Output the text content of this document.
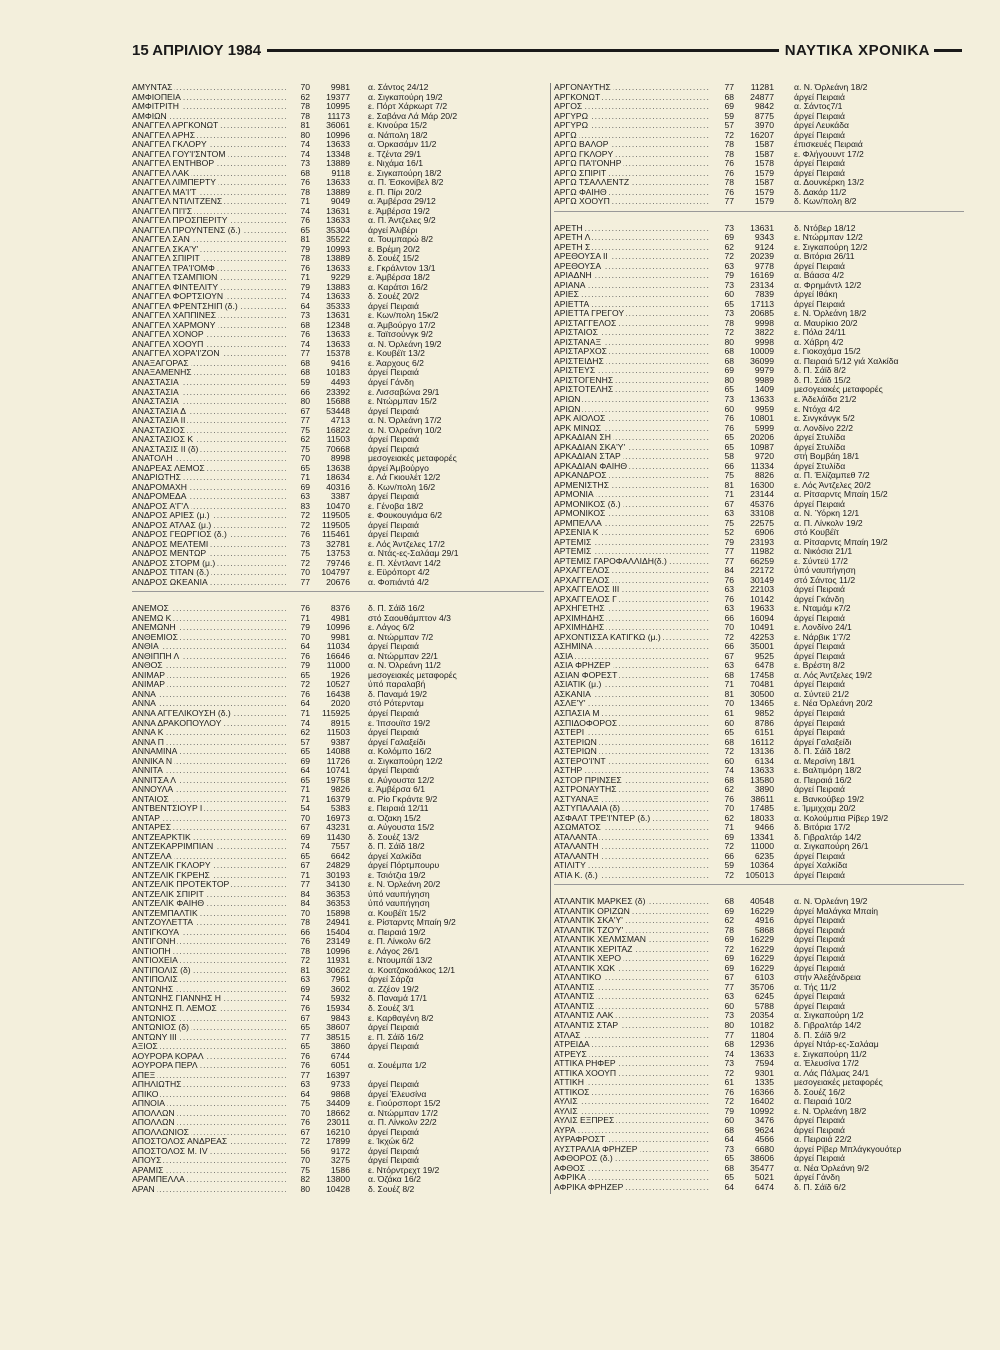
15 ΑΠΡΙΛΙΟΥ 1984	ΝΑΥΤΙΚΑ ΧΡΟΝΙΚΑ
ΑΜΥΝΤΑΣ .....	70	9981	α. Σάντος 24/12
ΑΜΦΙΟΠΕΙΑ .....	62	19377	α. Σιγκαπούρη 19/2
ΑΜΦΙΤΡΙΤΗ .....	78	10995	ε. Πόρτ Χάρκωρτ 7/2
ΑΜΦΙΩΝ .....	78	11173	ε. Σαβάνα Λά Μάρ 20/2
ΑΝΑΓΓΕΛ ΑΡΓΚΟΝΩΤ .....	81	36061	ε. Κινούρα 15/2
ΑΝΑΓΓΕΛ ΑΡΗΣ .....	80	10996	α. Νάπολη 18/2
ΑΝΑΓΓΕΛ ΓΚΛΟΡΥ .....	74	13633	α. Όρκασάμν 11/2
ΑΝΑΓΓΕΛ ΓΟΥ'Ι'ΣΝΤΟΜ .....	74	13348	ε. Τζέντα 29/1
ΑΝΑΓΓΕΛ ΕΝΤΗΒΟΡ .....	73	13889	ε. Νιχάμα 16/1
ΑΝΑΓΓΕΛ ΛΑΚ .....	68	9118	ε. Σιγκαπούρη 18/2
ΑΝΑΓΓΕΛ ΛΙΜΠΕΡΤΥ .....	76	13633	α. Π. Έσκονίβελ 8/2
ΑΝΑΓΓΕΛ ΜΑ'Ι'Τ .....	78	13889	ε. Π. Πίρι 20/2
ΑΝΑΓΓΕΛ ΝΤΙΛΙΤΖΕΝΣ .....	71	9049	α. Άμβέρσα 29/12
ΑΝΑΓΓΕΛ ΠΙ'Ι'Σ .....	74	13631	ε. Άμβέρσα 19/2
ΑΝΑΓΓΕΛ ΠΡΟΣΠΕΡΙΤΥ .....	76	13633	α. Π. Άντζελες 9/2
ΑΝΑΓΓΕΛ ΠΡΟΥΝΤΕΝΣ (δ.) .....	65	35304	άργεί Άλιβέρι
ΑΝΑΓΓΕΛ ΣΑΝ .....	81	35522	α. Τουμπαρώ 8/2
ΑΝΑΓΓΕΛ ΣΚΑ'Υ' .....	79	10993	ε. Βρέμη 20/2
ΑΝΑΓΓΕΛ ΣΠΙΡΙΤ .....	78	13889	δ. Σουέζ 15/2
ΑΝΑΓΓΕΛ ΤΡΑ'Ι'ΟΜΦ .....	76	13633	ε. Γκράλντον 13/1
ΑΝΑΓΓΕΛ ΤΣΑΜΠΙΟΝ .....	71	9229	ε. Άμβέρσα 18/2
ΑΝΑΓΓΕΛ ΦΙΝΤΕΛΙΤΥ .....	79	13883	α. Καράτσι 16/2
ΑΝΑΓΓΕΛ ΦΟΡΤΣΙΟΥΝ .....	74	13633	δ. Σουέζ 20/2
ΑΝΑΓΓΕΛ ΦΡΕΝΤΣΗΙΠ (δ.) .....	64	35333	άργεί Πειραιά
ΑΝΑΓΓΕΛ ΧΑΠΠΙΝΕΣ .....	73	13631	ε. Κων/πολη 15κ/2
ΑΝΑΓΓΕΛ ΧΑΡΜΟΝΥ .....	68	12348	α. Άμβούργο 17/2
ΑΝΑΓΓΕΛ ΧΟΝΟΡ .....	76	13633	ε. Ταϊτσούνγκ 9/2
ΑΝΑΓΓΕΛ ΧΟΟΥΠ .....	74	13633	α. Ν. Όρλεάνη 19/2
ΑΝΑΓΓΕΛ ΧΟΡΑ'Ι'ΖΟΝ .....	77	15378	ε. Κουβέϊτ 13/2
ΑΝΑΞΑΓΟΡΑΣ .....	68	9416	ε. Άαρχους 6/2
ΑΝΑΞΑΜΕΝΗΣ .....	68	10183	άργεί Πειραιά
ΑΝΑΣΤΑΣΙΑ .....	59	4493	άργεί Γάνδη
ΑΝΑΣΤΑΣΙΑ .....	66	23392	ε. Λισσαβώνα 29/1
ΑΝΑΣΤΑΣΙΑ .....	80	15688	ε. Ντώρμπαν 15/2
ΑΝΑΣΤΑΣΙΑ Δ .....	67	53448	άργεί Πειραιά
ΑΝΑΣΤΑΣΙΑ ΙΙ .....	77	4713	α. Ν. Όρλεάνη 17/2
ΑΝΑΣΤΑΣΙΟΣ .....	75	16822	α. Ν. Όλρεάνη 10/2
ΑΝΑΣΤΑΣΙΟΣ Κ .....	62	11503	άργεί Πειραιά
ΑΝΑΣΤΑΣΙΣ ΙΙ (δ) .....	75	70668	άργεί Πειραιά
ΑΝΑΤΟΛΗ .....	70	8998	μεσογειακές μεταφορές
ΑΝΔΡΕΑΣ ΛΕΜΟΣ .....	65	13638	άργεί Άμβούργο
ΑΝΔΡΙΩΤΗΣ .....	71	18634	ε. Λά Γκιουλέτ 12/2
ΑΝΔΡΟΜΑΧΗ .....	69	40316	δ. Κων/πολη 16/2
ΑΝΔΡΟΜΕΔΑ .....	63	3387	άργεί Πειραιά
ΑΝΔΡΟΣ Α'Γ'Λ .....	83	10470	ε. Γένοβα 18/2
ΑΝΔΡΟΣ ΑΡΙΕΣ (μ.) .....	72	119505	ε. Φουκουγιάμα 6/2
ΑΝΔΡΟΣ ΑΤΛΑΣ (μ.) .....	72	119505	άργεί Πειραιά
ΑΝΔΡΟΣ ΓΕΩΡΓΙΟΣ (δ.) .....	76	115461	άργεί Πειραιά
ΑΝΔΡΟΣ ΜΕΛΤΕΜΙ .....	73	32781	ε. Λός Άντζελες 17/2
ΑΝΔΡΟΣ ΜΕΝΤΩΡ .....	75	13753	α. Ντάς-ες-Σαλάαμ 29/1
ΑΝΔΡΟΣ ΣΤΟΡΜ (μ.) .....	72	79746	ε. Π. Χέντλαντ 14/2
ΑΝΔΡΟΣ ΤΙΤΑΝ (δ.) .....	70	104797	ε. Εϋρόπορτ 4/2
ΑΝΔΡΟΣ ΩΚΕΑΝΙΑ .....	77	20676	α. Φοπιάντά 4/2
ΑΝΕΜΟΣ .....	76	8376	δ. Π. Σάϊδ 16/2
ΑΝΕΜΩ Κ .....	71	4981	στό Σαουθάμπτον 4/3
ΑΝΕΜΩΝΗ .....	79	10996	ε. Λάγος 6/2
ΑΝΘΕΜΙΟΣ .....	70	9981	α. Ντώρμπαν 7/2
ΑΝΘΙΑ .....	64	11034	άργεί Πειραιά
ΑΝΘΙΠΠΗ Λ .....	76	16646	α. Ντώρμπαν 22/1
ΑΝΘΟΣ .....	79	11000	α. Ν. Όλρεάνη 11/2
ΑΝΙΜΑΡ .....	65	1926	μεσογειακές μεταφορές
ΑΝΙΜΑΡ .....	72	10527	ύπό παραλαβή
ΑΝΝΑ .....	76	16438	δ. Παναμά 19/2
ΑΝΝΑ .....	64	2020	στό Ρότερνταμ
ΑΝΝΑ ΑΓΓΕΛΙΚΟΥΣΗ (δ.) .....	71	115925	άργεί Πειραιά
ΑΝΝΑ ΔΡΑΚΟΠΟΥΛΟΥ .....	74	8915	ε. Ίπσουϊτσ 19/2
ΑΝΝΑ Κ .....	62	11503	άργεί Πειραιά
ΑΝΝΑ Π .....	57	9387	άργεί Γαλαξείδι
ΑΝΝΑΜΙΝΑ .....	65	14088	α. Κολόμπο 16/2
ΑΝΝΙΚΑ Ν .....	69	11726	α. Σιγκαπούρη 12/2
ΑΝΝΙΤΑ .....	64	10741	άργεί Πειραιά
ΑΝΝΙΤΣΑ Λ .....	65	19758	α. Αύγουστα 12/2
ΑΝΝΟΥΛΑ .....	71	9826	ε. Άμβέρσα 6/1
ΑΝΤΑΙΟΣ .....	71	16379	α. Ρίο Γκράντε 9/2
ΑΝΤΒΕΝΤΣΙΟΥΡ Ι .....	54	5383	ε. Πειραιά 12/11
ΑΝΤΑΡ .....	70	16973	α. Όζακη 15/2
ΑΝΤΑΡΕΣ .....	67	43231	α. Αύγουστα 15/2
ΑΝΤΖΕΑΡΚΤΙΚ .....	69	11430	δ. Σουέζ 13/2
ΑΝΤΖΕΚΑΡΡΙΜΠΙΑΝ .....	74	7557	δ. Π. Σάϊδ 18/2
ΑΝΤΖΕΛΑ .....	65	6642	άργεί Χαλκίδα
ΑΝΤΖΕΛΙΚ ΓΚΛΟΡΥ .....	67	24829	άργεί Πόρτμπουρυ
ΑΝΤΖΕΛΙΚ ΓΚΡΕΗΣ .....	71	30193	ε. Τσιότζια 19/2
ΑΝΤΖΕΛΙΚ ΠΡΟΤΕΚΤΟΡ .....	77	34130	ε. Ν. Όρλεάνη 20/2
ΑΝΤΖΕΛΙΚ ΣΠΙΡΙΤ .....	84	36353	ύπό ναυπήγηση
ΑΝΤΖΕΛΙΚ ΦΑΙΗΘ .....	84	36353	ύπό ναυπήγηση
ΑΝΤΖΕΜΠΑΛΤΙΚ .....	70	15898	α. Κουβέϊτ 15/2
ΑΝΤΖΟΥΛΕΤΤΑ .....	78	24941	ε. Ρίσταρντς Μπαίη 9/2
ΑΝΤΙΓΚΟΥΑ .....	66	15404	α. Πειραιά 19/2
ΑΝΤΙΓΟΝΗ .....	76	23149	ε. Π. Λίνκολν 6/2
ΑΝΤΙΟΠΗ .....	78	10996	ε. Λάγος 26/1
ΑΝΤΙΟΧΕΙΑ .....	72	11931	ε. Ντουμπάϊ 13/2
ΑΝΤΙΠΟΛΙΣ (δ) .....	81	30622	α. Κοατζακοάλκος 12/1
ΑΝΤΙΠΟΛΙΣ .....	63	7961	άργεί Σάρζα
ΑΝΤΩΝΗΣ .....	69	3602	α. Ζζέον 19/2
ΑΝΤΩΝΗΣ ΓΙΑΝΝΗΣ Η .....	74	5932	δ. Παναμά 17/1
ΑΝΤΩΝΗΣ Π. ΛΕΜΟΣ .....	76	15934	δ. Σουέζ 3/1
ΑΝΤΩΝΙΟΣ .....	67	9843	ε. Καρθαγένη 8/2
ΑΝΤΩΝΙΟΣ (δ) .....	65	38607	άργεί Πειραιά
ΑΝΤΩΝΥ ΙΙΙ .....	77	38515	ε. Π. Σάϊδ 16/2
ΑΞΙΟΣ .....	65	3860	άργεί Πειραιά
ΑΟΥΡΟΡΑ ΚΟΡΑΛ .....	76	6744
ΑΟΥΡΟΡΑ ΠΕΡΛ .....	76	6051	α. Σουέμπα 1/2
ΑΠΕΞ .....	77	16397
ΑΠΗΛΙΩΤΗΣ .....	63	9733	άργεί Πειραιά
ΑΠΙΚΟ .....	64	9868	άργεί Έλευσίνα
ΑΠΝΟΙΑ .....	75	34409	ε. Γιούρσπορτ 15/2
ΑΠΟΛΛΩΝ .....	70	18662	α. Ντώρμπαν 17/2
ΑΠΟΛΛΩΝ .....	76	23011	α. Π. Λίνκολν 22/2
ΑΠΟΛΛΩΝΙΟΣ .....	67	16210	άργεί Πειραιά
ΑΠΟΣΤΟΛΟΣ ΑΝΔΡΕΑΣ .....	72	17899	ε. Ίκχώκ 6/2
ΑΠΟΣΤΟΛΟΣ Μ. ΙV .....	56	9172	άργεί Πειραιά
ΑΠΟΥΣ .....	70	3275	άργεί Πειραιά
ΑΡΑΜΙΣ .....	75	1586	ε. Ντόρντρεχτ 19/2
ΑΡΑΜΠΕΛΛΑ .....	82	13800	α. Όζάκα 16/2
ΑΡΑΝ .....	80	10428	δ. Σουέζ 8/2
ΑΡΓΟΝΑΥΤΗΣ .....	77	11281	α. Ν. Όρλεάνη 18/2
ΑΡΓΚΟΝΩΤ .....	68	24877	άργεί Πειραιά
ΑΡΓΟΣ .....	69	9842	α. Σάντος7/1
ΑΡΓΥΡΩ .....	59	8775	άργεί Πειραιά
ΑΡΓΥΡΩ .....	57	3970	άργεί Λευκάδα
ΑΡΓΩ .....	72	16207	άργεί Πειραιά
ΑΡΓΩ ΒΑΛΟΡ .....	78	1587	έπισκευές Πειραιά
ΑΡΓΩ ΓΚΛΟΡΥ .....	78	1587	ε. Φλήγουυντ 17/2
ΑΡΓΩ ΠΑ'Ι'ΟΝΗΡ .....	76	1578	άργεί Πειραιά
ΑΡΓΩ ΣΠΙΡΙΤ .....	76	1579	άργεί Πειραιά
ΑΡΓΩ ΤΣΑΛΛΕΝΤΖ .....	78	1587	α. Δουνκέρκη 13/2
ΑΡΓΩ ΦΑΙΗΘ .....	76	1579	δ. Δακάρ 11/2
ΑΡΓΩ ΧΟΟΥΠ .....	77	1579	δ. Κων/πολη 8/2
ΑΡΕΤΗ .....	73	13631	δ. Ντόβερ 18/12
ΑΡΕΤΗ Λ .....	69	9343	ε. Ντώρμπαν 12/2
ΑΡΕΤΗ Σ .....	62	9124	ε. Σιγκαπούρη 12/2
ΑΡΕΘΟΥΣΑ ΙΙ .....	72	20239	α. Βιτόρια 26/11
ΑΡΕΘΟΥΣΑ .....	63	9778	άργεί Πειραιά
ΑΡΙΑΔΝΗ .....	79	16169	α. Βάασα 4/2
ΑΡΙΑΝΑ .....	73	23134	α. Φρημάντλ 12/2
ΑΡΙΕΣ .....	60	7839	άργεί Ιθάκη
ΑΡΙΕΤΤΑ .....	65	17113	άργεί Πειραιά
ΑΡΙΕΤΤΑ ΓΡΕΓΟΥ .....	73	20685	ε. Ν. Όρλεάνη 18/2
ΑΡΙΣΤΑΓΓΕΛΟΣ .....	78	9998	α. Μαυρίκιο 20/2
ΑΡΙΣΤΑΙΟΣ .....	72	3822	ε. Πόλα 24/11
ΑΡΙΣΤΑΝΑΞ .....	80	9998	α. Χάβρη 4/2
ΑΡΙΣΤΑΡΧΟΣ .....	68	10009	ε. Γιοκοχάμα 15/2
ΑΡΙΣΤΕΙΔΗΣ .....	68	36099	α. Πειραιά 5/12 γιά Χαλκίδα
ΑΡΙΣΤΕΥΣ .....	69	9979	δ. Π. Σάϊδ 8/2
ΑΡΙΣΤΟΓΕΝΗΣ .....	80	9989	δ. Π. Σάϊδ 15/2
ΑΡΙΣΤΟΤΕΛΗΣ .....	65	1409	μεσογειακές μεταφορές
ΑΡΙΩΝ .....	73	13633	ε. Άδελάϊδα 21/2
ΑΡΙΩΝ .....	60	9959	ε. Ντόχα 4/2
ΑΡΚ ΑΙΟΛΟΣ .....	76	10801	ε. Σινγκάνγκ 5/2
ΑΡΚ ΜΙΝΩΣ .....	76	5999	α. Λονδίνο 22/2
ΑΡΚΑΔΙΑΝ ΣΗ .....	65	20206	άργεί Στυλίδα
ΑΡΚΑΔΙΑΝ ΣΚΑ'Υ' .....	65	10987	άργεί Στυλίδα
ΑΡΚΑΔΙΑΝ ΣΤΑΡ .....	58	9720	στή Βομβάη 18/1
ΑΡΚΑΔΙΑΝ ΦΑΙΗΘ .....	66	11334	άργεί Στυλίδα
ΑΡΚΑΝΔΡΟΣ .....	75	8826	α. Π. Έλίζαμπεθ 7/2
ΑΡΜΕΝΙΣΤΗΣ .....	81	16300	ε. Λός Άντζελες 20/2
ΑΡΜΟΝΙΑ .....	71	23144	α. Ρίτσαρντς Μπαίη 15/2
ΑΡΜΟΝΙΚΟΣ (δ.) .....	67	45376	άργεί Πειραιά
ΑΡΜΟΝΙΚΟΣ .....	63	33108	α. Ν. Ύόρκη 12/1
ΑΡΜΠΕΛΛΑ .....	75	22575	α. Π. Λίνκολν 19/2
ΑΡΣΕΝΙΑ Κ .....	52	6906	στό Κουβέϊτ
ΑΡΤΕΜΙΣ .....	79	23193	α. Ρίτσαρντς Μπαίη 19/2
ΑΡΤΕΜΙΣ .....	77	11982	α. Νικόσια 21/1
ΑΡΤΕΜΙΣ ΓΑΡΟΦΑΛΛΙΔΗ(δ.) .....	77	66259	ε. Σύντεϋ 17/2
ΑΡΧΑΓΓΕΛΟΣ .....	84	22172	ύπό ναυπήγηση
ΑΡΧΑΓΓΕΛΟΣ .....	76	30149	στό Σάντος 11/2
ΑΡΧΑΓΓΕΛΟΣ ΙΙΙ .....	63	22103	άργεί Πειραιά
ΑΡΧΑΓΓΕΛΟΣ Γ .....	76	10142	άργεί Γκάνδη
ΑΡΧΗΓΕΤΗΣ .....	63	19633	ε. Νταμάμ κ7/2
ΑΡΧΙΜΗΔΗΣ .....	66	16094	άργεί Πειραιά
ΑΡΧΙΜΗΔΗΣ .....	70	10491	ε. Λονδίνο 24/1
ΑΡΧΟΝΤΙΣΣΑ ΚΑΤΙΓΚΩ (μ.) .....	72	42253	ε. Νάρβικ 1'7/2
ΑΣΗΜΙΝΑ .....	66	35001	άργεί Πειραιά
ΑΣΙΑ .....	67	9525	άργεί Πειραιά
ΑΣΙΑ ΦΡΗΖΕΡ .....	63	6478	ε. Βρέστη 8/2
ΑΣΙΑΝ ΦΟΡΕΣΤ .....	68	17458	α. Λός Άντζελες 19/2
ΑΣΙΑΤΙΚ (μ.) .....	71	70481	άργεί Πειραιά
ΑΣΚΑΝΙΑ .....	81	30500	α. Σύντεϋ 21/2
ΑΣΛΕ'Υ' .....	70	13465	ε. Νέα Όρλεάνη 20/2
ΑΣΠΑΣΙΑ Μ .....	61	9852	άργεί Πειραιά
ΑΣΠΙΔΟΦΟΡΟΣ .....	60	8786	άργεί Πειραιά
ΑΣΤΕΡΙ .....	65	6151	άργεί Πειραιά
ΑΣΤΕΡΙΩΝ .....	68	16112	άργεί Γαλαξείδι
ΑΣΤΕΡΙΩΝ .....	72	13136	δ. Π. Σάϊδ 18/2
ΑΣΤΕΡΟ'Ι'ΝΤ .....	60	6134	α. Μερσίνη 18/1
ΑΣΤΗΡ .....	74	13633	ε. Βαλτιμόρη 18/2
ΑΣΤΟΡ ΠΡΙΝΣΕΣ .....	68	13580	α. Πειραιά 16/2
ΑΣΤΡΟΝΑΥΤΗΣ .....	62	3890	άργεί Πειραιά
ΑΣΤΥΑΝΑΞ .....	76	38611	ε. Βανκούβερ 19/2
ΑΣΤΥΠΑΛΑΙΑ (δ) .....	70	17485	ε. Ίμμιχχαμ 20/2
ΑΣΦΑΛΤ ΤΡΕ'Ι'ΝΤΕΡ (δ.) .....	62	18033	α. Κολούμπια Ρίβερ 19/2
ΑΣΩΜΑΤΟΣ .....	71	9466	δ. Βιτόρια 17/2
ΑΤΑΛΑΝΤΑ .....	69	13341	δ. Γιβραλτάρ 14/2
ΑΤΑΛΑΝΤΗ .....	72	11000	α. Σιγκαπούρη 26/1
ΑΤΑΛΑΝΤΗ .....	66	6235	άργεί Πειραιά
ΑΤΙΛΙΤΥ .....	59	10364	άργεί Χαλκίδα
ΑΤΙΑ Κ. (δ.) .....	72	105013	άργεί Πειραιά
ΑΤΛΑΝΤΙΚ ΜΑΡΚΕΣ (δ) .....	68	40548	α. Ν. Όρλεάνη 19/2
ΑΤΛΑΝΤΙΚ ΟΡΙΖΩΝ .....	69	16229	άργεί Μαλάγκα Μπαίη
ΑΤΛΑΝΤΙΚ ΣΚΑ'Υ' .....	62	4916	άργεί Πειραιά
ΑΤΛΑΝΤΙΚ ΤΖΟ'Υ' .....	78	5868	άργεί Πειραιά
ΑΤΛΑΝΤΙΚ ΧΕΛΜΣΜΑΝ .....	69	16229	άργεί Πειραιά
ΑΤΛΑΝΤΙΚ ΧΕΡΙΤΑΖ .....	72	16229	άργεί Πειραιά
ΑΤΛΑΝΤΙΚ ΧΕΡΟ .....	69	16229	άργεί Πειραιά
ΑΤΛΑΝΤΙΚ ΧΩΚ .....	69	16229	άργεί Πειραιά
ΑΤΛΑΝΤΙΚΟ .....	67	6103	στήν Άλεξάνδρεια
ΑΤΛΑΝΤΙΣ .....	77	35706	α. Τής 11/2
ΑΤΛΑΝΤΙΣ .....	63	6245	άργεί Πειραιά
ΑΤΛΑΝΤΙΣ .....	60	5788	άργεί Πειραιά
ΑΤΛΑΝΤΙΣ ΛΑΚ .....	73	20354	α. Σιγκαπούρη 1/2
ΑΤΛΑΝΤΙΣ ΣΤΑΡ .....	80	10182	δ. Γιβραλτάρ 14/2
ΑΤΛΑΣ .....	77	11804	δ. Π. Σάϊδ 9/2
ΑΤΡΕΙΔΑ .....	68	12936	άργεί Ντάρ-ες-Σαλάαμ
ΑΤΡΕΥΣ .....	74	13633	ε. Σιγκαπούρη 11/2
ΑΤΤΙΚΑ ΡΗΦΕΡ .....	73	7594	α. Έλευσίνα 17/2
ΑΤΤΙΚΑ ΧΟΟΥΠ .....	72	9301	α. Λάς Πάλμας 24/1
ΑΤΤΙΚΗ .....	61	1335	μεσογειακές μεταφορές
ΑΤΤΙΚΟΣ .....	76	16366	δ. Σουέζ 16/2
ΑΥΛΙΣ .....	72	16402	α. Πειραιά 10/2
ΑΥΛΙΣ .....	79	10992	ε. Ν. Όρλεάνη 18/2
ΑΥΛΙΣ ΕΞΠΡΕΣ .....	60	3476	άργεί Πειραιά
ΑΥΡΑ .....	68	9624	άργεί Πειραιά
ΑΥΡΑΦΡΟΣΤ .....	64	4566	α. Πειραιά 22/2
ΑΥΣΤΡΑΛΙΑ ΦΡΗΖΕΡ .....	73	6680	άργεί Ρίβερ Μπλάγκγουότερ
ΑΦΘΟΡΟΣ (δ.) .....	65	38606	άργεί Πειραιά
ΑΦΘΟΣ .....	68	35477	α. Νέα Όρλεάνη 9/2
ΑΦΡΙΚΑ .....	65	5021	άργεί Γάνδη
ΑΦΡΙΚΑ ΦΡΗΖΕΡ .....	64	6474	δ. Π. Σάϊδ 6/2
